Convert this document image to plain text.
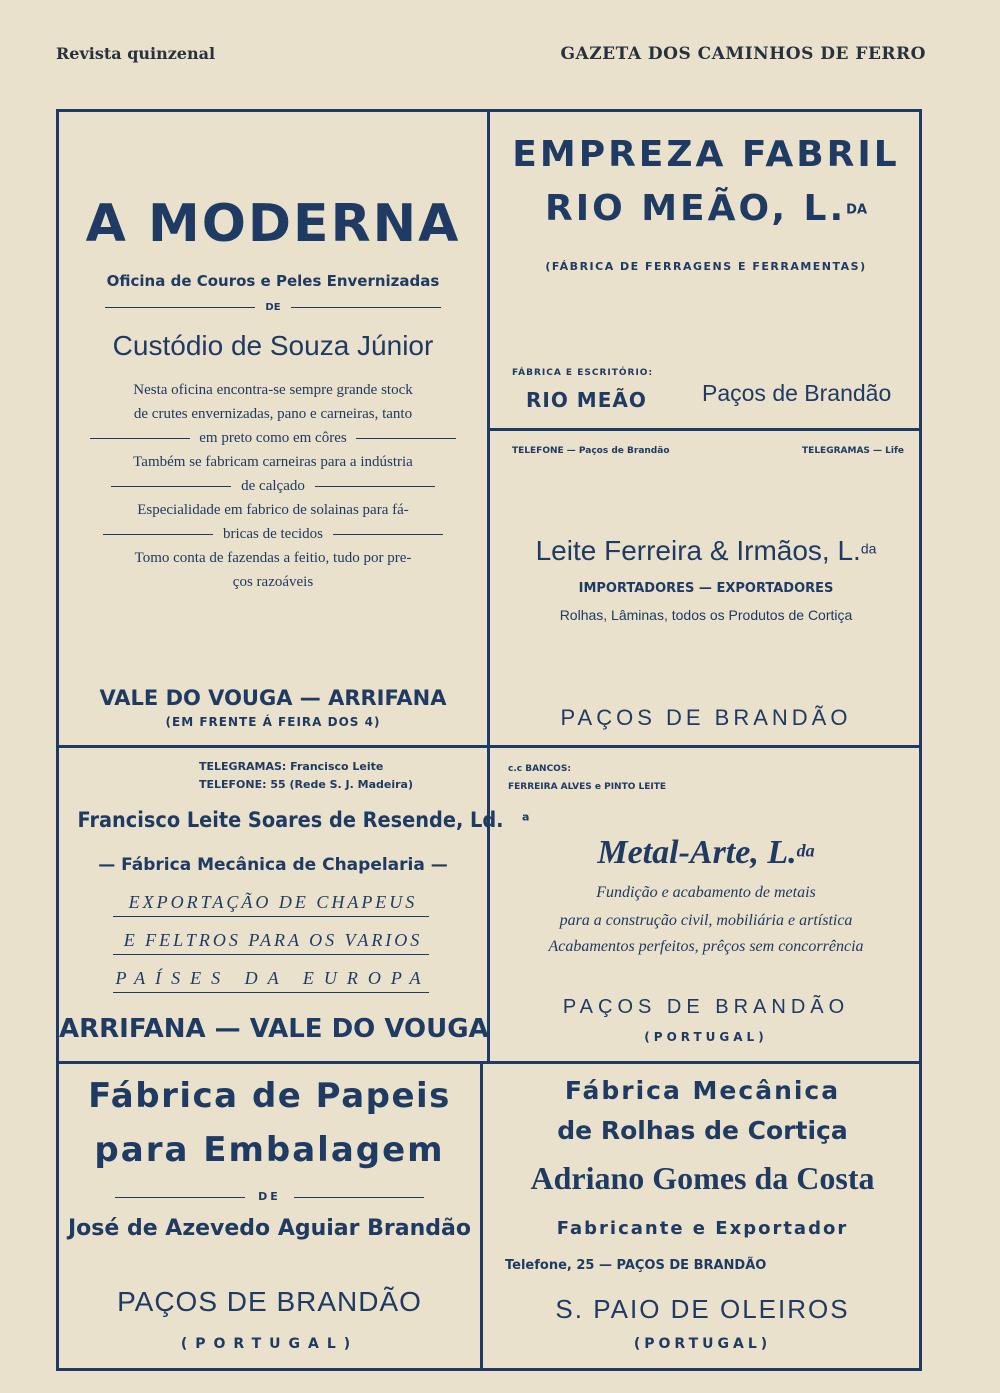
Revista quinzenal	GAZETA DOS CAMINHOS DE FERRO
A MODERNA
Oficina de Couros e Peles Envernizadas
DE
Custódio de Souza Júnior
Nesta oficina encontra-se sempre grande stock
de crutes envernizadas, pano e carneiras, tanto
em preto como em côres
Também se fabricam carneiras para a indústria
de calçado
Especialidade em fabrico de solainas para fá-
bricas de tecidos
Tomo conta de fazendas a feitio, tudo por pre-
ços razoáveis
VALE DO VOUGA — ARRIFANA
(EM FRENTE Á FEIRA DOS 4)
EMPREZA FABRIL
RIO MEÃO, L.$^{DA}$
(FÁBRICA DE FERRAGENS E FERRAMENTAS)
FÁBRICA E ESCRITÓRIO:
RIO MEÃO Paços de Brandão
TELEFONE — Paços de Brandão	TELEGRAMAS — Life
Leite Ferreira & Irmãos, L.$^{da}$
IMPORTADORES — EXPORTADORES
Rolhas, Lâminas, todos os Produtos de Cortiça
PAÇOS DE BRANDÃO
TELEGRAMAS: Francisco Leite
TELEFONE: 55 (Rede S. J. Madeira)
Francisco Leite Soares de Resende, Ld. $^a$
— Fábrica Mecânica de Chapelaria —
EXPORTAÇÃO DE CHAPEUS
E FELTROS PARA OS VARIOS
PAÍSES DA EUROPA
ARRIFANA — VALE DO VOUGA
c.c BANCOS:
FERREIRA ALVES e PINTO LEITE
Metal-Arte, L.$^{da}$
Fundição e acabamento de metais
para a construção civil, mobiliária e artística
Acabamentos perfeitos, prêços sem concorrência
PAÇOS DE BRANDÃO
(PORTUGAL)
Fábrica de Papeis
para Embalagem
DE
José de Azevedo Aguiar Brandão
PAÇOS DE BRANDÃO
(PORTUGAL)
Fábrica Mecânica
de Rolhas de Cortiça
Adriano Gomes da Costa
Fabricante e Exportador
Telefone, 25 — PAÇOS DE BRANDÃO
S. PAIO DE OLEIROS
(PORTUGAL)
